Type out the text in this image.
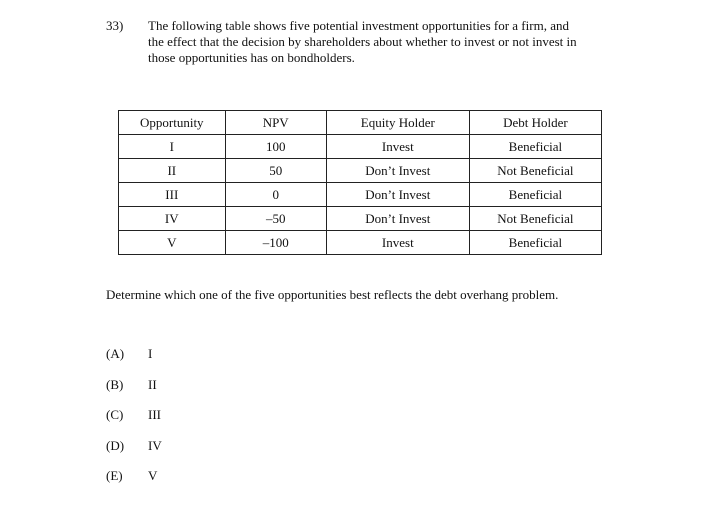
33) The following table shows five potential investment opportunities for a firm, and
the effect that the decision by shareholders about whether to invest or not invest in
those opportunities has on bondholders.
Opportunity	NPV	Equity Holder	Debt Holder
I	100	Invest	Beneficial
II	50	Don’t Invest	Not Beneficial
III	0	Don’t Invest	Beneficial
IV	–50	Don’t Invest	Not Beneficial
V	–100	Invest	Beneficial
Determine which one of the five opportunities best reflects the debt overhang problem.
(A) I
(B) II
(C) III
(D) IV
(E) V
